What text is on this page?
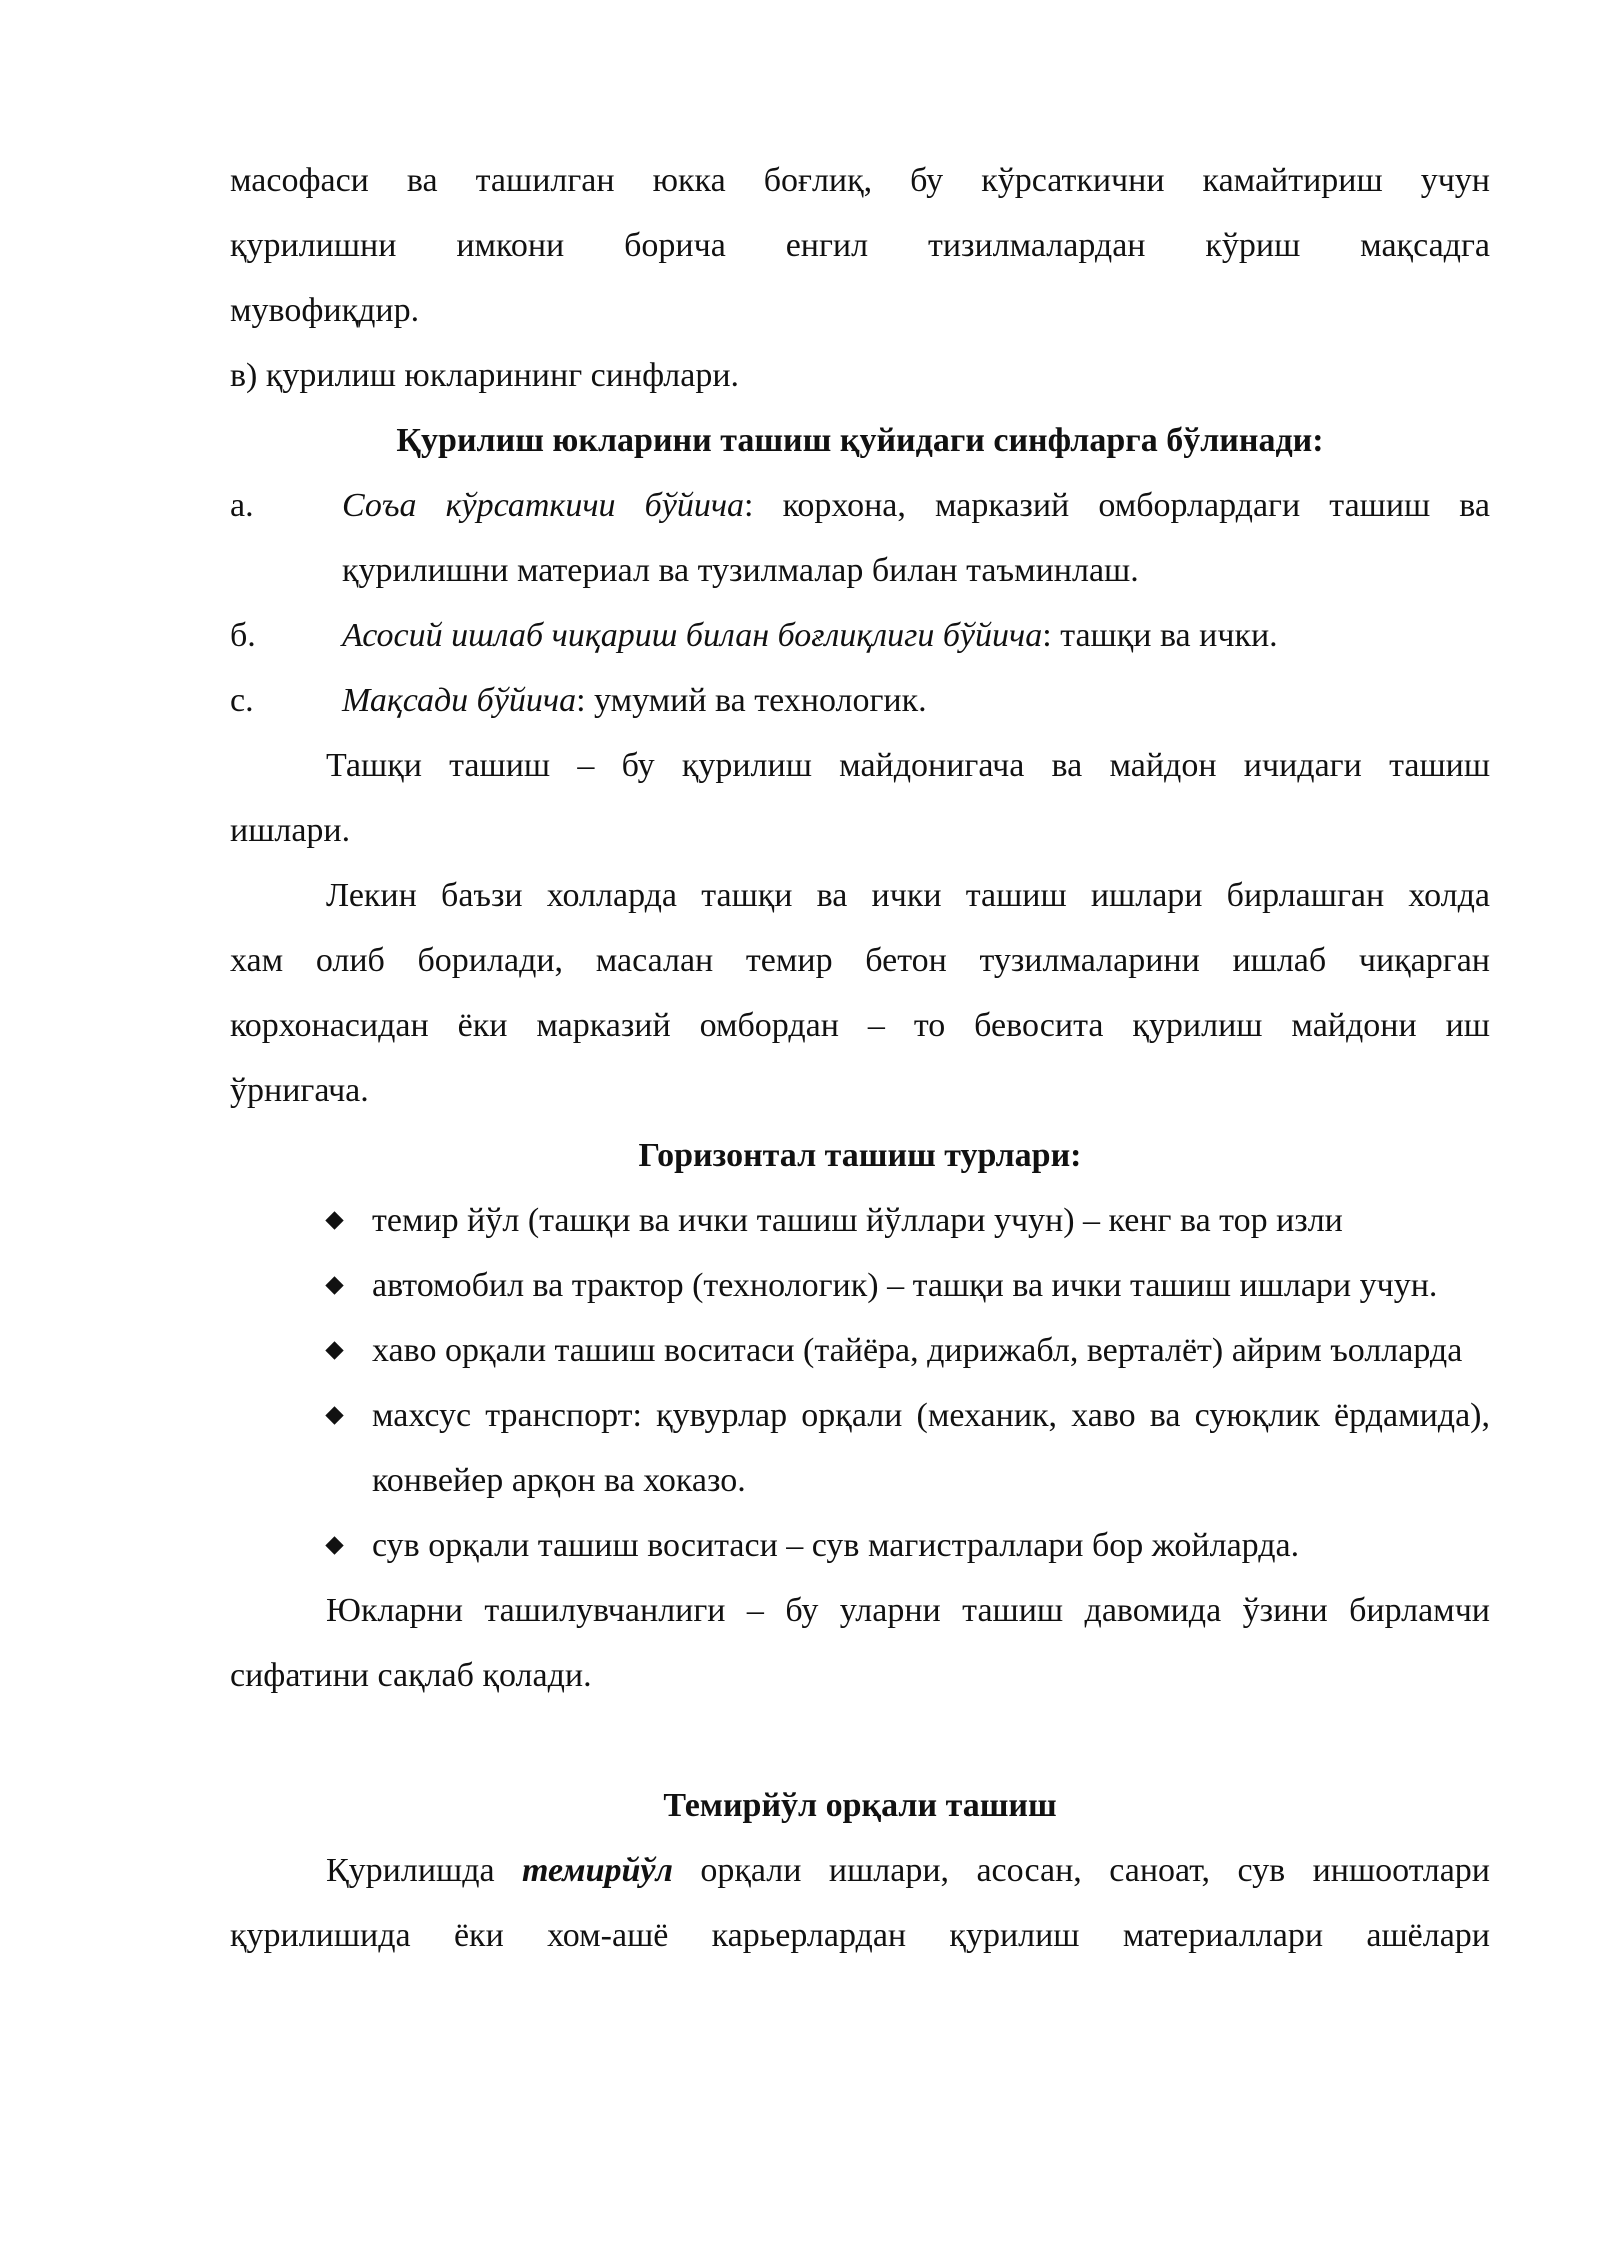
масофаси ва ташилган юкка боғлиқ, бу кўрсаткични камайтириш учун

қурилишни имкони борича енгил тизилмалардан кўриш мақсадга

мувофиқдир.

в) қурилиш юкларининг синфлари.

Қурилиш юкларини ташиш қуйидаги синфларга бўлинади:

а.	Соъа кўрсаткичи бўйича: корхона, марказий омборлардаги ташиш ва қурилишни материал ва тузилмалар билан таъминлаш.

б.	Асосий ишлаб чиқариш билан боғлиқлиги бўйича: ташқи ва ички.

с.	Мақсади бўйича: умумий ва технологик.

Ташқи ташиш – бу қурилиш майдонигача ва майдон ичидаги ташиш

ишлари.

Лекин баъзи холларда ташқи ва ички ташиш ишлари бирлашган холда

хам олиб борилади, масалан темир бетон тузилмаларини ишлаб чиқарган

корхонасидан ёки марказий омбордан – то бевосита қурилиш майдони иш

ўрнигача.

Горизонтал ташиш турлари:

темир йўл (ташқи ва ички ташиш йўллари учун) – кенг ва тор изли
автомобил ва трактор (технологик) – ташқи ва ички ташиш ишлари учун.
хаво орқали ташиш воситаси (тайёра, дирижабл, верталёт) айрим ъолларда
махсус транспорт: қувурлар орқали (механик, хаво ва суюқлик ёрдамида), конвейер арқон ва хоказо.
сув орқали ташиш воситаси – сув магистраллари бор жойларда.

Юкларни ташилувчанлиги – бу уларни ташиш давомида ўзини бирламчи

сифатини сақлаб қолади.

Темирйўл орқали ташиш

Қурилишда темирйўл орқали ишлари, асосан, саноат, сув иншоотлари

қурилишида ёки хом-ашё карьерлардан қурилиш материаллари ашёлари
